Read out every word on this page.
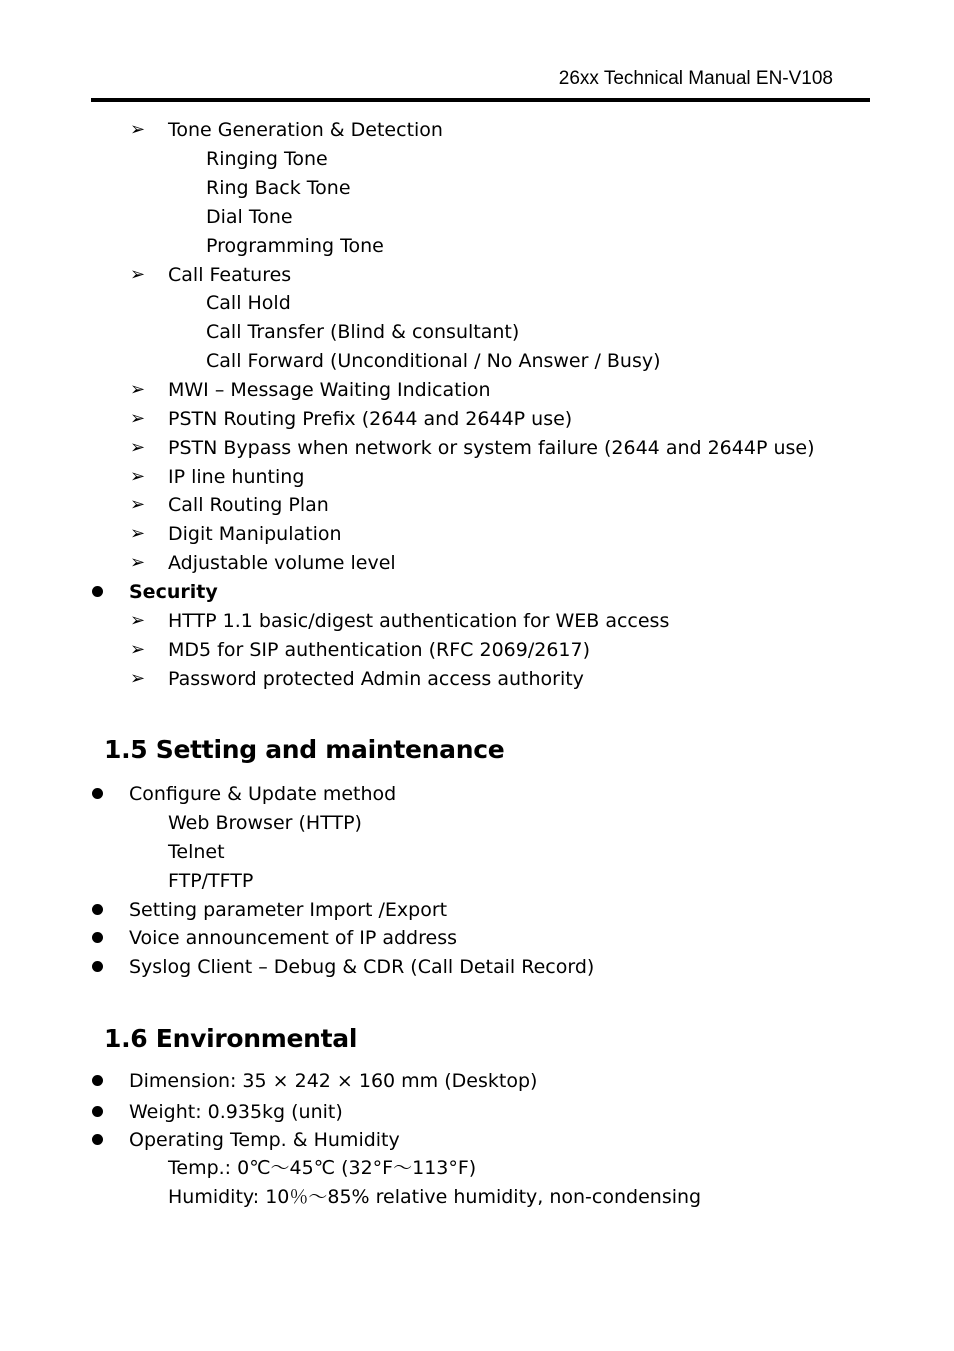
26xx Technical Manual EN-V108
➢ Tone Generation & Detection
Ringing Tone
Ring Back Tone
Dial Tone
Programming Tone
➢ Call Features
Call Hold
Call Transfer (Blind & consultant)
Call Forward (Unconditional / No Answer / Busy)
➢ MWI – Message Waiting Indication
➢ PSTN Routing Prefix (2644 and 2644P use)
➢ PSTN Bypass when network or system failure (2644 and 2644P use)
➢ IP line hunting
➢ Call Routing Plan
➢ Digit Manipulation
➢ Adjustable volume level
Security
➢ HTTP 1.1 basic/digest authentication for WEB access
➢ MD5 for SIP authentication (RFC 2069/2617)
➢ Password protected Admin access authority
1.5 Setting and maintenance
Configure & Update method
Web Browser (HTTP)
Telnet
FTP/TFTP
Setting parameter Import /Export
Voice announcement of IP address
Syslog Client – Debug & CDR (Call Detail Record)
1.6 Environmental
Dimension: 35 × 242 × 160 mm (Desktop)
Weight: 0.935kg (unit)
Operating Temp. & Humidity
Temp.: 0℃～45℃ (32°F～113°F)
Humidity: 10％～85% relative humidity, non-condensing
